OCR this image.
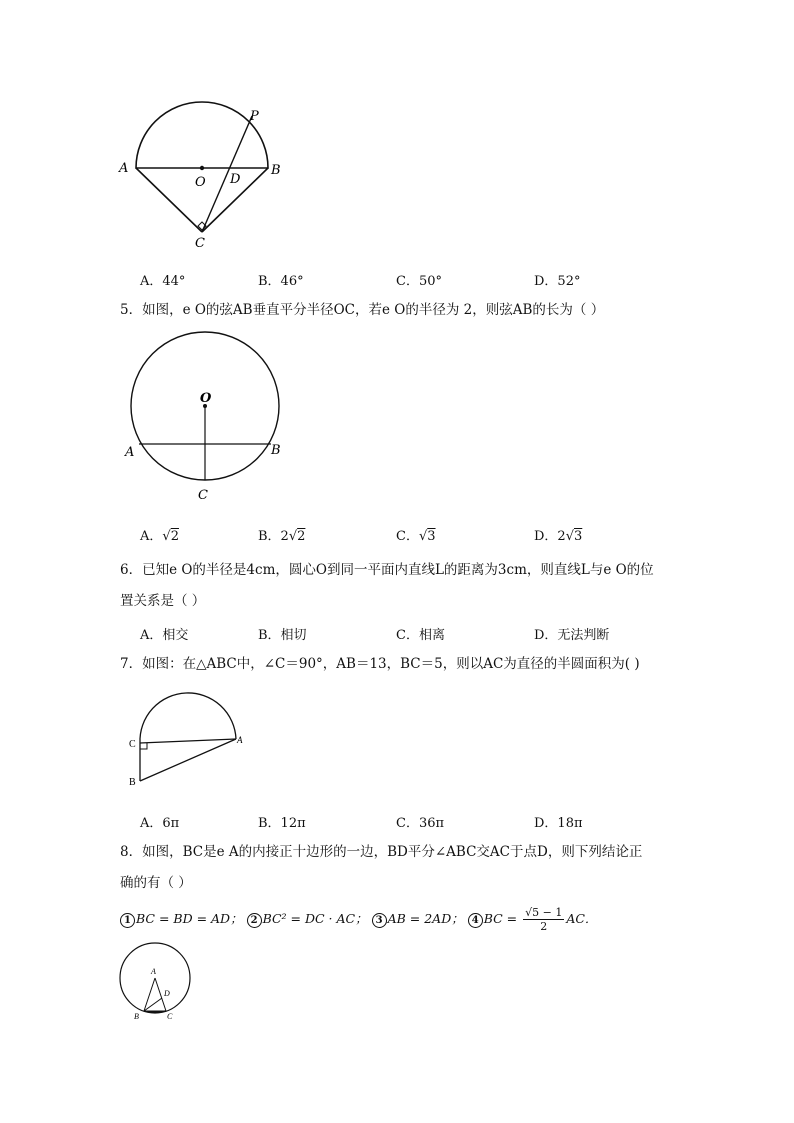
A	B
C
O D
P
A．44°	B．46°	C．50°	D．52°
5．如图，e O的弦AB垂直平分半径OC，若e O的半径为 2，则弦AB的长为（ ）
O
A	B
C
A．√2	B．2√2	C．√3	D．2√3
6．已知e O的半径是4cm，圆心O到同一平面内直线L的距离为3cm，则直线L与e O的位
置关系是（ ）
A．相交	B．相切	C．相离	D．无法判断
7．如图：在△ABC中，∠C＝90°，AB＝13，BC＝5，则以AC为直径的半圆面积为( )
C	A
B
A．6π	B．12π	C．36π	D．18π
8．如图，BC是e A的内接正十边形的一边，BD平分∠ABC交AC于点D，则下列结论正
确的有（ ）
1 BC = BD = AD； 2 BC² = DC · AC； 3 AB = 2AD； 4 BC = $\frac{√5 - 1}{2}$ AC．
A
D
B	C
